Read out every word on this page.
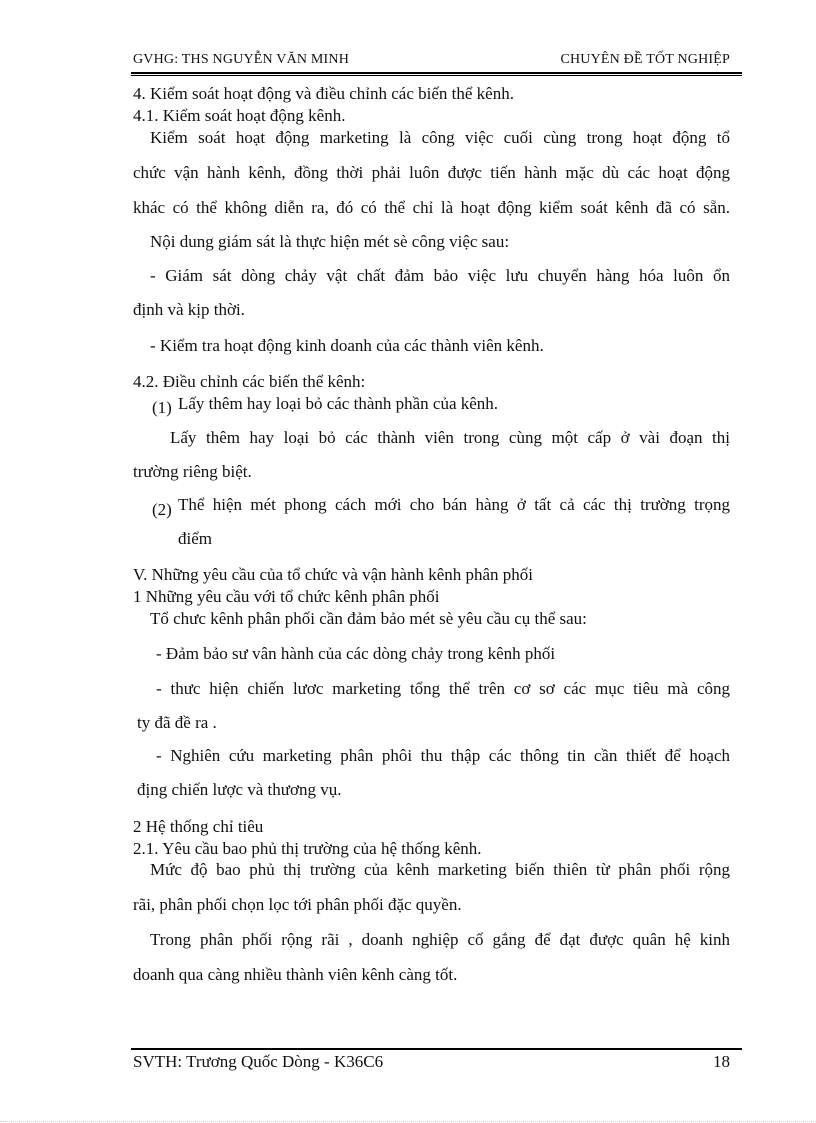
GVHG: THS NGUYỄN VĂN MINH	CHUYÊN ĐỀ TỐT NGHIỆP
4. Kiểm soát hoạt động và điều chỉnh các biến thể kênh.
4.1. Kiểm soát hoạt động kênh.
Kiểm soát hoạt động marketing là công việc cuối cùng trong hoạt động tổ
chức vận hành kênh, đồng thời phải luôn được tiến hành mặc dù các hoạt động
khác có thể không diễn ra, đó có thể chỉ là hoạt động kiểm soát kênh đã có sẵn.
Nội dung giám sát là thực hiện mét sè công việc sau:
- Giám sát dòng chảy vật chất đảm bảo việc lưu chuyển hàng hóa luôn ổn
định và kịp thời.
- Kiểm tra hoạt động kinh doanh của các thành viên kênh.
4.2. Điều chỉnh các biến thể kênh:
(1) Lấy thêm hay loại bỏ các thành phần của kênh.
Lấy thêm hay loại bỏ các thành viên trong cùng một cấp ở vài đoạn thị
trường riêng biệt.
(2) Thể hiện mét phong cách mới cho bán hàng ở tất cả các thị trường trọng
điểm
V. Những yêu cầu của tổ chức và vận hành kênh phân phối
1 Những yêu cầu với tổ chức kênh phân phối
Tổ chưc kênh phân phối cần đảm bảo mét sè yêu cầu cụ thể sau:
- Đảm bảo sư vân hành của các dòng chảy trong kênh phối
- thưc hiện chiến lươc marketing tổng thể trên cơ sơ các mục tiêu mà công
ty đã đề ra .
- Nghiên cứu marketing phân phôi thu thập các thông tin cần thiết để hoạch
địng chiến lược và thương vụ.
2 Hệ thống chỉ tiêu
2.1. Yêu cầu bao phủ thị trường của hệ thống kênh.
Mức độ bao phủ thị trường của kênh marketing biến thiên từ phân phối rộng
rãi, phân phối chọn lọc tới phân phối đặc quyền.
Trong phân phối rộng rãi , doanh nghiệp cố gắng để đạt được quân hệ kinh
doanh qua càng nhiều thành viên kênh càng tốt.
SVTH: Trương Quốc Dòng - K36C6	18
